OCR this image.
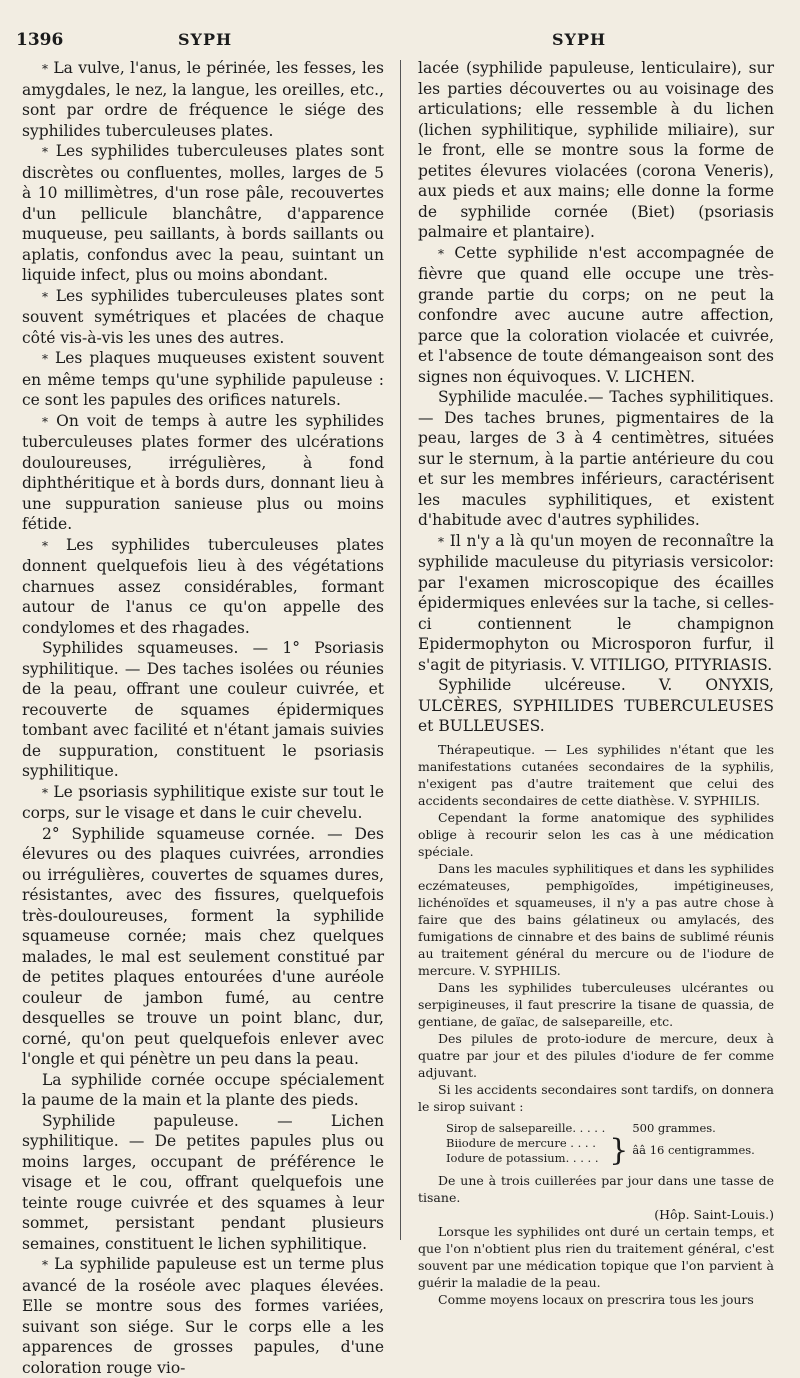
1396	SYPH	SYPH

* La vulve, l'anus, le périnée, les fesses, les amygdales, le nez, la langue, les oreilles, etc., sont par ordre de fréquence le siége des syphilides tuberculeuses plates.

* Les syphilides tuberculeuses plates sont discrètes ou confluentes, molles, larges de 5 à 10 millimètres, d'un rose pâle, recouvertes d'un pellicule blanchâtre, d'apparence muqueuse, peu saillants, à bords saillants ou aplatis, confondus avec la peau, suintant un liquide infect, plus ou moins abondant.

* Les syphilides tuberculeuses plates sont souvent symétriques et placées de chaque côté vis-à-vis les unes des autres.

* Les plaques muqueuses existent souvent en même temps qu'une syphilide papuleuse : ce sont les papules des orifices naturels.

* On voit de temps à autre les syphilides tuberculeuses plates former des ulcérations douloureuses, irrégulières, à fond diphthéritique et à bords durs, donnant lieu à une suppuration sanieuse plus ou moins fétide.

* Les syphilides tuberculeuses plates donnent quelquefois lieu à des végétations charnues assez considérables, formant autour de l'anus ce qu'on appelle des condylomes et des rhagades.

Syphilides squameuses. — 1° Psoriasis syphilitique. — Des taches isolées ou réunies de la peau, offrant une couleur cuivrée, et recouverte de squames épidermiques tombant avec facilité et n'étant jamais suivies de suppuration, constituent le psoriasis syphilitique.

* Le psoriasis syphilitique existe sur tout le corps, sur le visage et dans le cuir chevelu.

2° Syphilide squameuse cornée. — Des élevures ou des plaques cuivrées, arrondies ou irrégulières, couvertes de squames dures, résistantes, avec des fissures, quelquefois très-douloureuses, forment la syphilide squameuse cornée; mais chez quelques malades, le mal est seulement constitué par de petites plaques entourées d'une auréole couleur de jambon fumé, au centre desquelles se trouve un point blanc, dur, corné, qu'on peut quelquefois enlever avec l'ongle et qui pénètre un peu dans la peau.

La syphilide cornée occupe spécialement la paume de la main et la plante des pieds.

Syphilide papuleuse. — Lichen syphilitique. — De petites papules plus ou moins larges, occupant de préférence le visage et le cou, offrant quelquefois une teinte rouge cuivrée et des squames à leur sommet, persistant pendant plusieurs semaines, constituent le lichen syphilitique.

* La syphilide papuleuse est un terme plus avancé de la roséole avec plaques élevées. Elle se montre sous des formes variées, suivant son siége. Sur le corps elle a les apparences de grosses papules, d'une coloration rouge vio-

lacée (syphilide papuleuse, lenticulaire), sur les parties découvertes ou au voisinage des articulations; elle ressemble à du lichen (lichen syphilitique, syphilide miliaire), sur le front, elle se montre sous la forme de petites élevures violacées (corona Veneris), aux pieds et aux mains; elle donne la forme de syphilide cornée (Biet) (psoriasis palmaire et plantaire).

* Cette syphilide n'est accompagnée de fièvre que quand elle occupe une très-grande partie du corps; on ne peut la confondre avec aucune autre affection, parce que la coloration violacée et cuivrée, et l'absence de toute démangeaison sont des signes non équivoques. V. LICHEN.

Syphilide maculée.— Taches syphilitiques. — Des taches brunes, pigmentaires de la peau, larges de 3 à 4 centimètres, situées sur le sternum, à la partie antérieure du cou et sur les membres inférieurs, caractérisent les macules syphilitiques, et existent d'habitude avec d'autres syphilides.

* Il n'y a là qu'un moyen de reconnaître la syphilide maculeuse du pityriasis versicolor: par l'examen microscopique des écailles épidermiques enlevées sur la tache, si celles-ci contiennent le champignon Epidermophyton ou Microsporon furfur, il s'agit de pityriasis. V. VITILIGO, PITYRIASIS.

Syphilide ulcéreuse. V. ONYXIS, ULCÈRES, SYPHILIDES TUBERCULEUSES et BULLEUSES.

Thérapeutique. — Les syphilides n'étant que les manifestations cutanées secondaires de la syphilis, n'exigent pas d'autre traitement que celui des accidents secondaires de cette diathèse. V. SYPHILIS.

Cependant la forme anatomique des syphilides oblige à recourir selon les cas à une médication spéciale.

Dans les macules syphilitiques et dans les syphilides eczémateuses, pemphigoïdes, impétigineuses, lichénoïdes et squameuses, il n'y a pas autre chose à faire que des bains gélatineux ou amylacés, des fumigations de cinnabre et des bains de sublimé réunis au traitement général du mercure ou de l'iodure de mercure. V. SYPHILIS.

Dans les syphilides tuberculeuses ulcérantes ou serpigineuses, il faut prescrire la tisane de quassia, de gentiane, de gaïac, de salsepareille, etc.

Des pilules de proto-iodure de mercure, deux à quatre par jour et des pilules d'iodure de fer comme adjuvant.

Si les accidents secondaires sont tardifs, on donnera le sirop suivant :

Sirop de salsepareille. . . . .		500 grammes.
Biiodure de mercure . . . .	}	ââ 16 centigrammes.
Iodure de potassium. . . . .		

De une à trois cuillerées par jour dans une tasse de tisane.

(Hôp. Saint-Louis.)

Lorsque les syphilides ont duré un certain temps, et que l'on n'obtient plus rien du traitement général, c'est souvent par une médication topique que l'on parvient à guérir la maladie de la peau.

Comme moyens locaux on prescrira tous les jours
